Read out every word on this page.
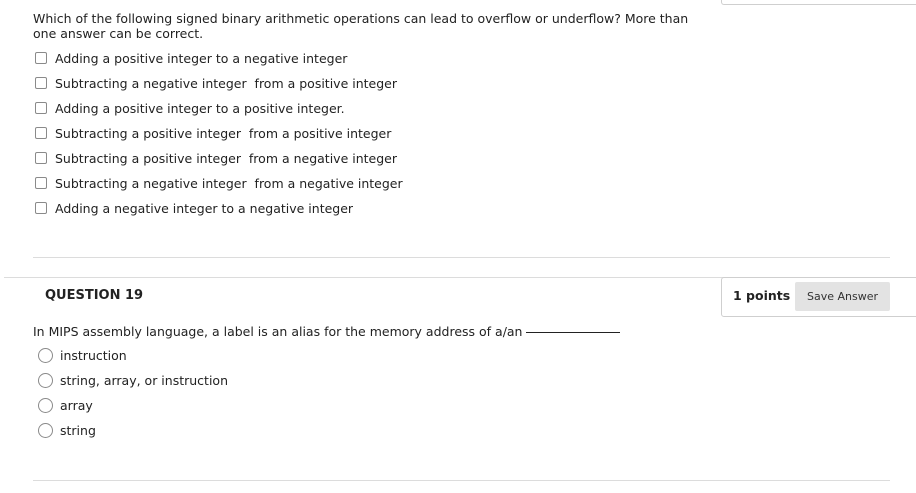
Which of the following signed binary arithmetic operations can lead to overflow or underflow? More than one answer can be correct.
Adding a positive integer to a negative integer
Subtracting a negative integer  from a positive integer
Adding a positive integer to a positive integer.
Subtracting a positive integer  from a positive integer
Subtracting a positive integer  from a negative integer
Subtracting a negative integer  from a negative integer
Adding a negative integer to a negative integer
QUESTION 19	1 points	Save Answer
In MIPS assembly language, a label is an alias for the memory address of a/an
instruction
string, array, or instruction
array
string
